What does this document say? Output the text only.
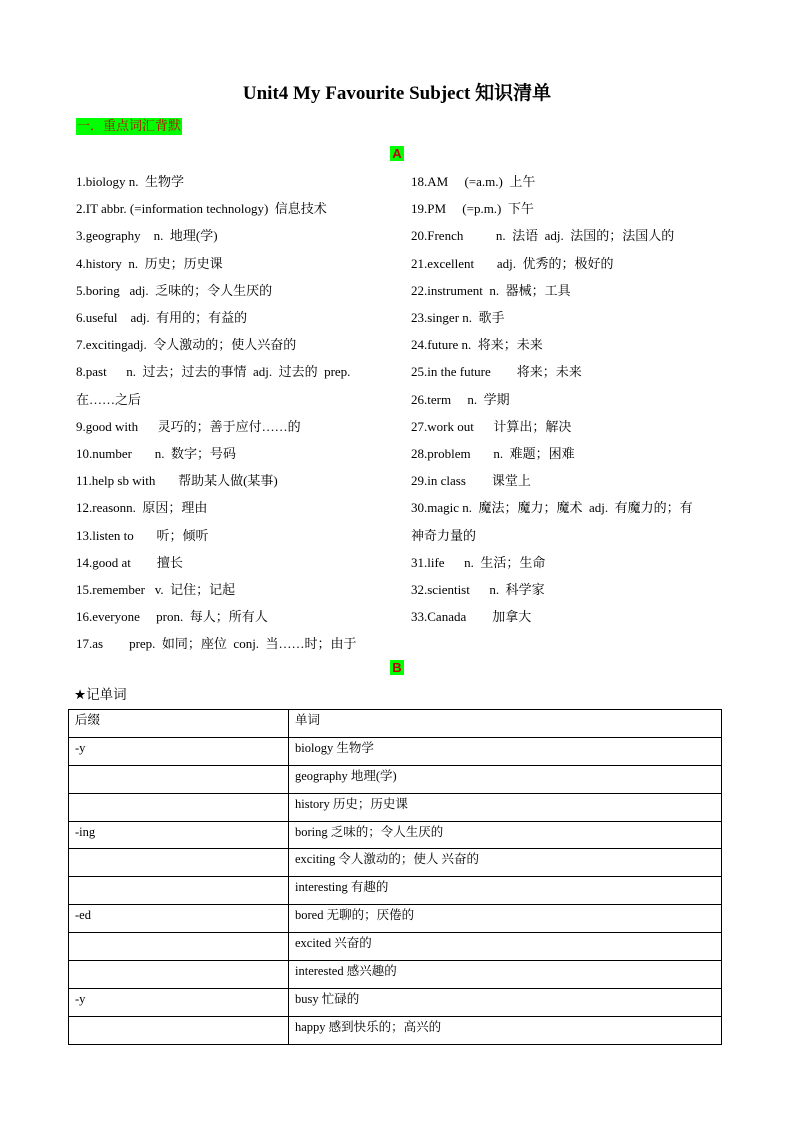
Unit4 My Favourite Subject 知识清单
一．重点词汇背默
A
1.biology n.  生物学
2.IT abbr. (=information technology)  信息技术
3.geography    n.  地理(学)
4.history  n.  历史；历史课
5.boring   adj.  乏味的；令人生厌的
6.useful    adj.  有用的；有益的
7.excitingadj.  令人激动的；使人兴奋的
8.past      n.  过去；过去的事情  adj.  过去的  prep.
在……之后
9.good with      灵巧的；善于应付……的
10.number       n.  数字；号码
11.help sb with       帮助某人做(某事)
12.reasonn.  原因；理由
13.listen to       听；倾听
14.good at        擅长
15.remember   v.  记住；记起
16.everyone     pron.  每人；所有人
17.as        prep.  如同；座位  conj.  当……时；由于
18.AM     (=a.m.)  上午
19.PM     (=p.m.)  下午
20.French          n.  法语  adj.  法国的；法国人的
21.excellent       adj.  优秀的；极好的
22.instrument  n.  器械；工具
23.singer n.  歌手
24.future n.  将来；未来
25.in the future        将来；未来
26.term     n.  学期
27.work out      计算出；解决
28.problem       n.  难题；困难
29.in class        课堂上
30.magic n.  魔法；魔力；魔术  adj.  有魔力的；有
神奇力量的
31.life      n.  生活；生命
32.scientist      n.  科学家
33.Canada        加拿大
B
★记单词
后缀	单词
-y	biology 生物学
	geography 地理(学)
	history 历史；历史课
-ing	boring 乏味的；令人生厌的
	exciting 令人激动的；使人 兴奋的
	interesting 有趣的
-ed	bored 无聊的；厌倦的
	excited 兴奋的
	interested 感兴趣的
-y	busy 忙碌的
	happy 感到快乐的；高兴的
